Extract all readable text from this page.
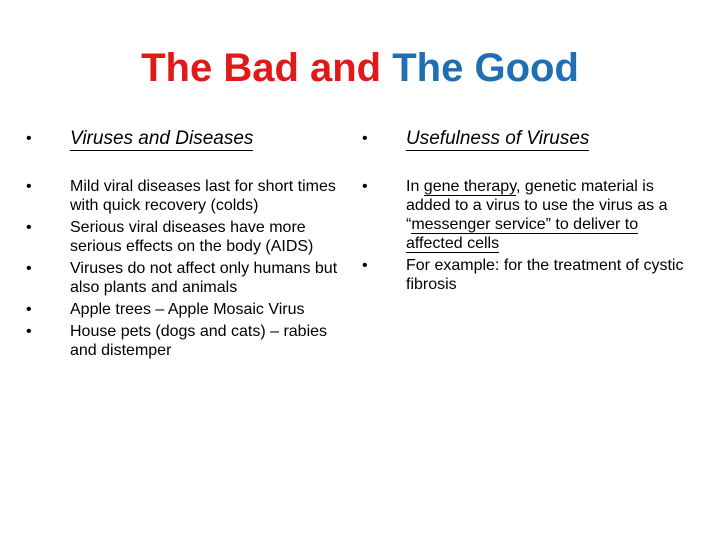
The Bad and The Good
•	Viruses and Diseases
•	Mild viral diseases last for short times with quick recovery (colds)
•	Serious viral diseases have more serious effects on the body (AIDS)
•	Viruses do not affect only humans but also plants and animals
•	Apple trees – Apple Mosaic Virus
•	House pets (dogs and cats) – rabies and distemper
•	Usefulness of Viruses
•	In gene therapy, genetic material is added to a virus to use the virus as a “messenger service” to deliver to affected cells
•	For example: for the treatment of cystic fibrosis
